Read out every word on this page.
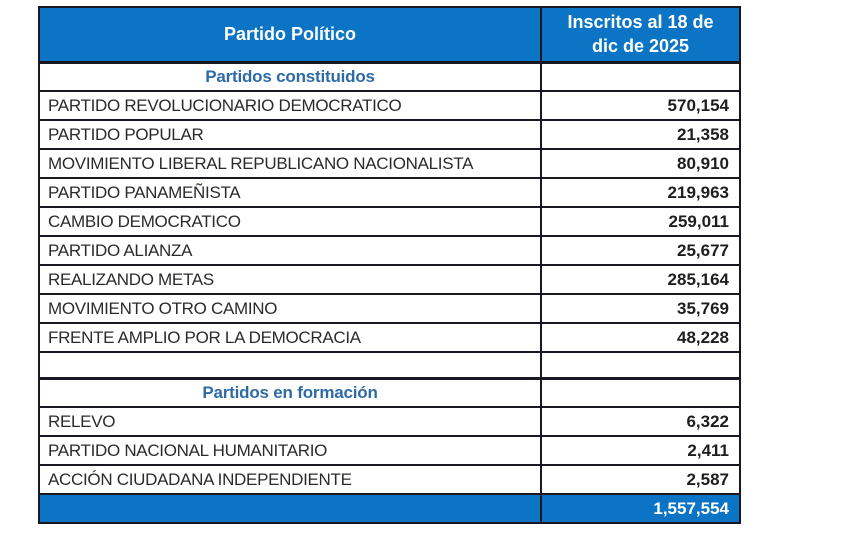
Partido Político	Inscritos al 18 de dic de 2025
Partidos constituidos	
PARTIDO REVOLUCIONARIO DEMOCRATICO	570,154
PARTIDO POPULAR	21,358
MOVIMIENTO LIBERAL REPUBLICANO NACIONALISTA	80,910
PARTIDO PANAMEÑISTA	219,963
CAMBIO DEMOCRATICO	259,011
PARTIDO ALIANZA	25,677
REALIZANDO METAS	285,164
MOVIMIENTO OTRO CAMINO	35,769
FRENTE AMPLIO POR LA DEMOCRACIA	48,228

Partidos en formación	
RELEVO	6,322
PARTIDO NACIONAL HUMANITARIO	2,411
ACCIÓN CIUDADANA INDEPENDIENTE	2,587
	1,557,554
